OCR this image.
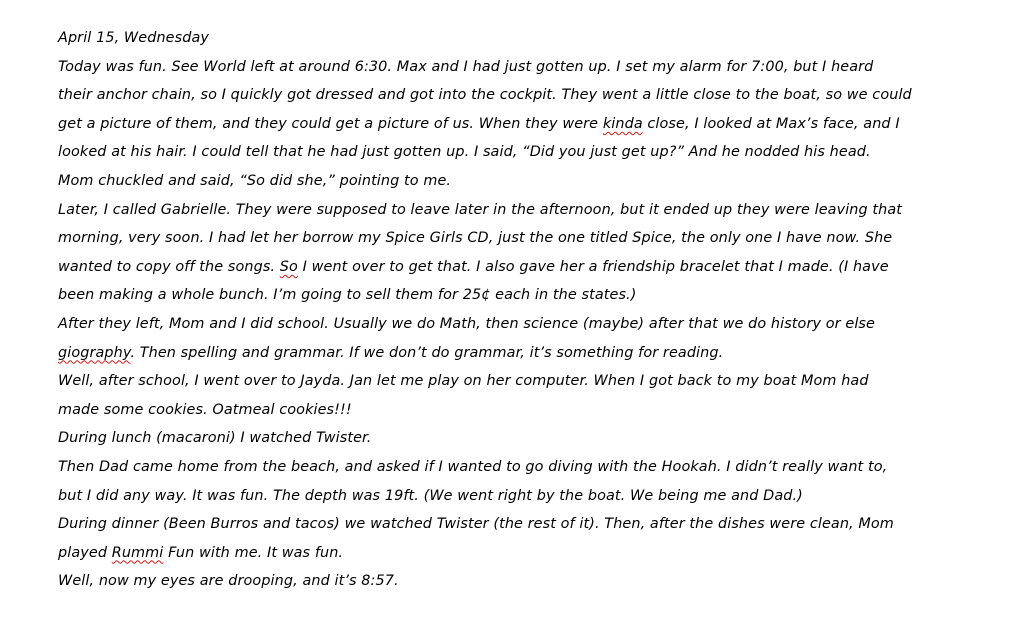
April 15, Wednesday
Today was fun. See World left at around 6:30. Max and I had just gotten up. I set my alarm for 7:00, but I heard
their anchor chain, so I quickly got dressed and got into the cockpit. They went a little close to the boat, so we could
get a picture of them, and they could get a picture of us. When they were kinda close, I looked at Max’s face, and I
looked at his hair. I could tell that he had just gotten up. I said, “Did you just get up?” And he nodded his head.
Mom chuckled and said, “So did she,” pointing to me.
Later, I called Gabrielle. They were supposed to leave later in the afternoon, but it ended up they were leaving that
morning, very soon. I had let her borrow my Spice Girls CD, just the one titled Spice, the only one I have now. She
wanted to copy off the songs. So I went over to get that. I also gave her a friendship bracelet that I made. (I have
been making a whole bunch. I’m going to sell them for 25¢ each in the states.)
After they left, Mom and I did school. Usually we do Math, then science (maybe) after that we do history or else
giography. Then spelling and grammar. If we don’t do grammar, it’s something for reading.
Well, after school, I went over to Jayda. Jan let me play on her computer. When I got back to my boat Mom had
made some cookies. Oatmeal cookies!!!
During lunch (macaroni) I watched Twister.
Then Dad came home from the beach, and asked if I wanted to go diving with the Hookah. I didn’t really want to,
but I did any way. It was fun. The depth was 19ft. (We went right by the boat. We being me and Dad.)
During dinner (Been Burros and tacos) we watched Twister (the rest of it). Then, after the dishes were clean, Mom
played Rummi Fun with me. It was fun.
Well, now my eyes are drooping, and it’s 8:57.
